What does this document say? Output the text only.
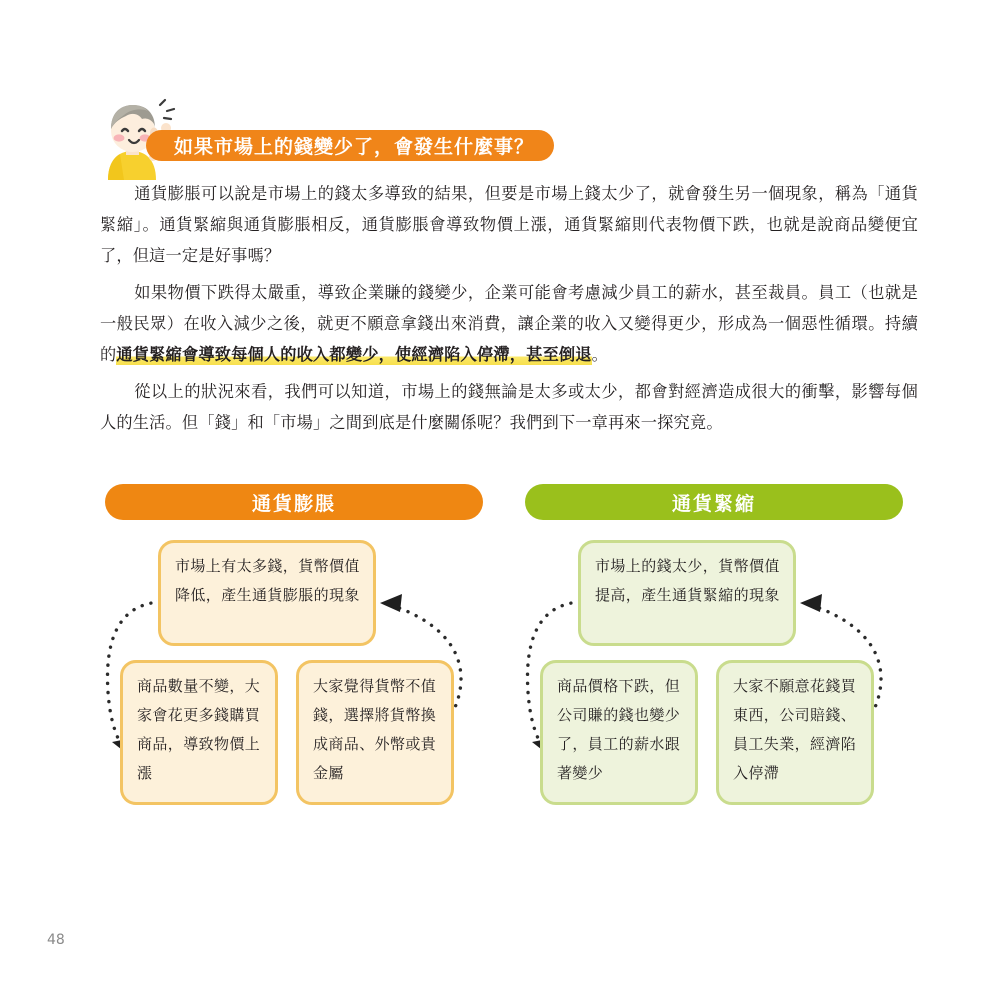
如果市場上的錢變少了，會發生什麼事？

通貨膨脹可以說是市場上的錢太多導致的結果，但要是市場上錢太少了，就會發生另一個現象，稱為「通貨緊縮」。通貨緊縮與通貨膨脹相反，通貨膨脹會導致物價上漲，通貨緊縮則代表物價下跌，也就是說商品變便宜了，但這一定是好事嗎？

如果物價下跌得太嚴重，導致企業賺的錢變少，企業可能會考慮減少員工的薪水，甚至裁員。員工（也就是一般民眾）在收入減少之後，就更不願意拿錢出來消費，讓企業的收入又變得更少，形成為一個惡性循環。持續的通貨緊縮會導致每個人的收入都變少，使經濟陷入停滯，甚至倒退。

從以上的狀況來看，我們可以知道，市場上的錢無論是太多或太少，都會對經濟造成很大的衝擊，影響每個人的生活。但「錢」和「市場」之間到底是什麼關係呢？我們到下一章再來一探究竟。

通貨膨脹
市場上有太多錢，貨幣價值降低，產生通貨膨脹的現象
商品數量不變，大家會花更多錢購買商品，導致物價上漲
大家覺得貨幣不值錢，選擇將貨幣換成商品、外幣或貴金屬
通貨緊縮
市場上的錢太少，貨幣價值提高，產生通貨緊縮的現象
商品價格下跌，但公司賺的錢也變少了，員工的薪水跟著變少
大家不願意花錢買東西，公司賠錢、員工失業，經濟陷入停滯
48
